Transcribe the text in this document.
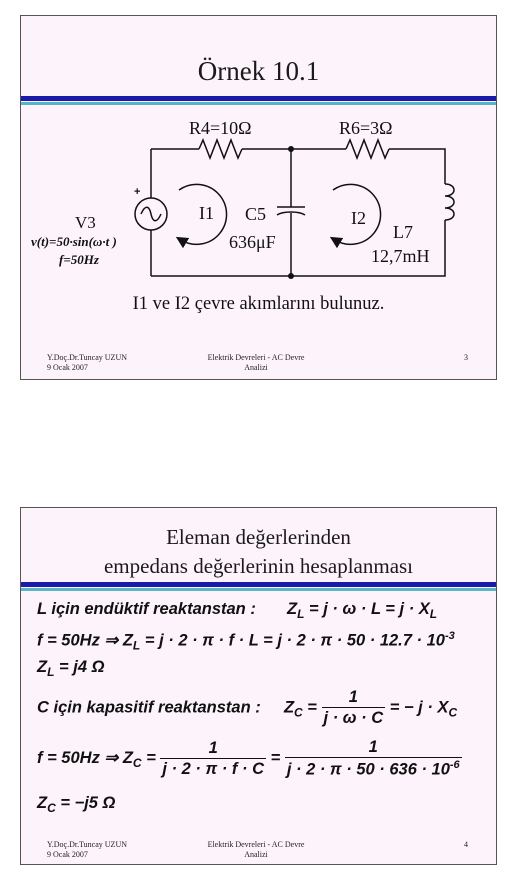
Örnek 10.1
R4=10Ω	R6=3Ω
+
V3
v(t)=50·sin(ω·t )
f=50Hz
I1	I2
C5
636μF	L7
12,7mH
I1 ve I2 çevre akımlarını bulunuz.
Y.Doç.Dr.Tuncay UZUN
9 Ocak 2007
Elektrik Devreleri - AC Devre
Analizi
3
Eleman değerlerinden
empedans değerlerinin hesaplanması
L için endüktif reaktanstan : $Z_L = j \cdot \omega \cdot L = j \cdot X_L$
f = 50Hz ⇒ $Z_L = j \cdot 2 \cdot \pi \cdot f \cdot L = j \cdot 2 \cdot \pi \cdot 50 \cdot 12.7 \cdot 10^{-3}$
$Z_L = j4$ Ω
C için kapasitif reaktanstan : $Z_C = \frac{1}{j \cdot \omega \cdot C}$ = − $j \cdot X_C$
f = 50Hz ⇒ $Z_C = \frac{1}{j \cdot 2 \cdot \pi \cdot f \cdot C} = \frac{1}{j \cdot 2 \cdot \pi \cdot 50 \cdot 636 \cdot 10^{-6}}$
$Z_C = -j5$ Ω
Y.Doç.Dr.Tuncay UZUN
9 Ocak 2007
Elektrik Devreleri - AC Devre
Analizi
4
